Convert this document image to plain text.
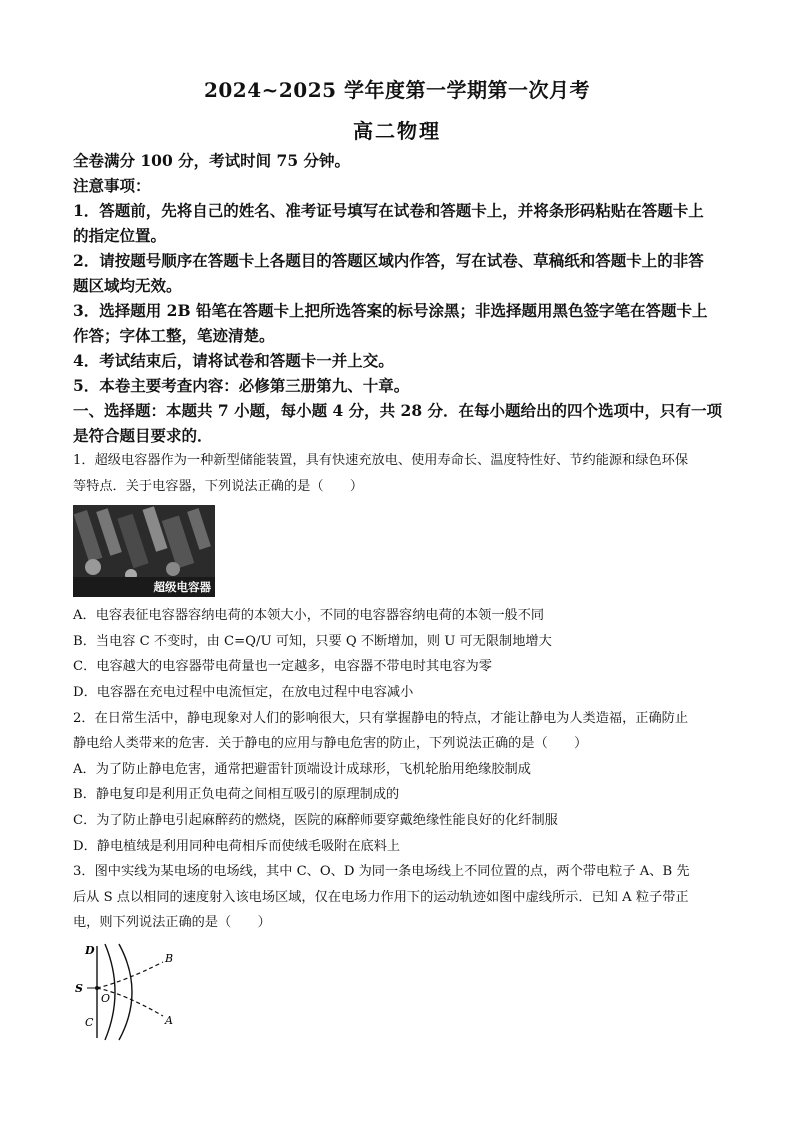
2024~2025 学年度第一学期第一次月考
高二物理

全卷满分 100 分，考试时间 75 分钟。

注意事项：

1．答题前，先将自己的姓名、准考证号填写在试卷和答题卡上，并将条形码粘贴在答题卡上

的指定位置。

2．请按题号顺序在答题卡上各题目的答题区域内作答，写在试卷、草稿纸和答题卡上的非答

题区域均无效。

3．选择题用 2B 铅笔在答题卡上把所选答案的标号涂黑；非选择题用黑色签字笔在答题卡上

作答；字体工整，笔迹清楚。

4．考试结束后，请将试卷和答题卡一并上交。

5．本卷主要考查内容：必修第三册第九、十章。

一、选择题：本题共 7 小题，每小题 4 分，共 28 分．在每小题给出的四个选项中，只有一项

是符合题目要求的．

1．超级电容器作为一种新型储能装置，具有快速充放电、使用寿命长、温度特性好、节约能源和绿色环保

等特点．关于电容器，下列说法正确的是（　　）

超级电容器

A．电容表征电容器容纳电荷的本领大小，不同的电容器容纳电荷的本领一般不同

B．当电容 C 不变时，由 C=Q/U 可知，只要 Q 不断增加，则 U 可无限制地增大

C．电容越大的电容器带电荷量也一定越多，电容器不带电时其电容为零

D．电容器在充电过程中电流恒定，在放电过程中电容减小

2．在日常生活中，静电现象对人们的影响很大，只有掌握静电的特点，才能让静电为人类造福，正确防止

静电给人类带来的危害．关于静电的应用与静电危害的防止，下列说法正确的是（　　）

A．为了防止静电危害，通常把避雷针顶端设计成球形，飞机轮胎用绝缘胶制成

B．静电复印是利用正负电荷之间相互吸引的原理制成的

C．为了防止静电引起麻醉药的燃烧，医院的麻醉师要穿戴绝缘性能良好的化纤制服

D．静电植绒是利用同种电荷相斥而使绒毛吸附在底料上

3．图中实线为某电场的电场线，其中 C、O、D 为同一条电场线上不同位置的点，两个带电粒子 A、B 先

后从 S 点以相同的速度射入该电场区域，仅在电场力作用下的运动轨迹如图中虚线所示．已知 A 粒子带正

电，则下列说法正确的是（　　）

D
B
S
O
C	A
